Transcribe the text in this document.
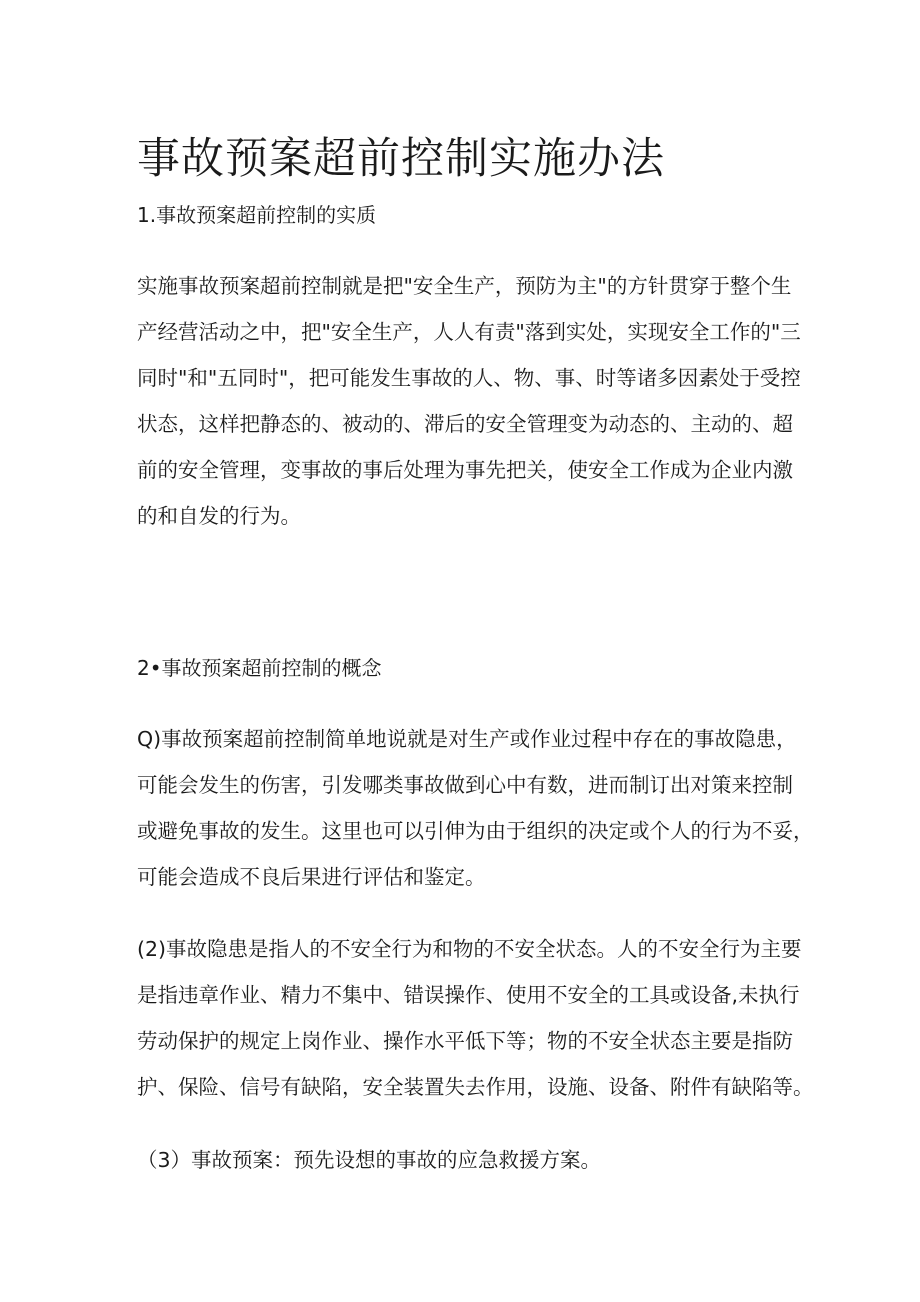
事故预案超前控制实施办法
1.事故预案超前控制的实质
实施事故预案超前控制就是把"安全生产，预防为主"的方针贯穿于整个生
产经营活动之中，把"安全生产，人人有责"落到实处，实现安全工作的"三
同时"和"五同时"，把可能发生事故的人、物、事、时等诸多因素处于受控
状态，这样把静态的、被动的、滞后的安全管理变为动态的、主动的、超
前的安全管理，变事故的事后处理为事先把关，使安全工作成为企业内激
的和自发的行为。
2•事故预案超前控制的概念
Q)事故预案超前控制简单地说就是对生产或作业过程中存在的事故隐患，
可能会发生的伤害，引发哪类事故做到心中有数，进而制订出对策来控制
或避免事故的发生。这里也可以引伸为由于组织的决定或个人的行为不妥，
可能会造成不良后果进行评估和鉴定。
(2)事故隐患是指人的不安全行为和物的不安全状态。人的不安全行为主要
是指违章作业、精力不集中、错误操作、使用不安全的工具或设备,未执行
劳动保护的规定上岗作业、操作水平低下等；物的不安全状态主要是指防
护、保险、信号有缺陷，安全装置失去作用，设施、设备、附件有缺陷等。
（3）事故预案：预先设想的事故的应急救援方案。
